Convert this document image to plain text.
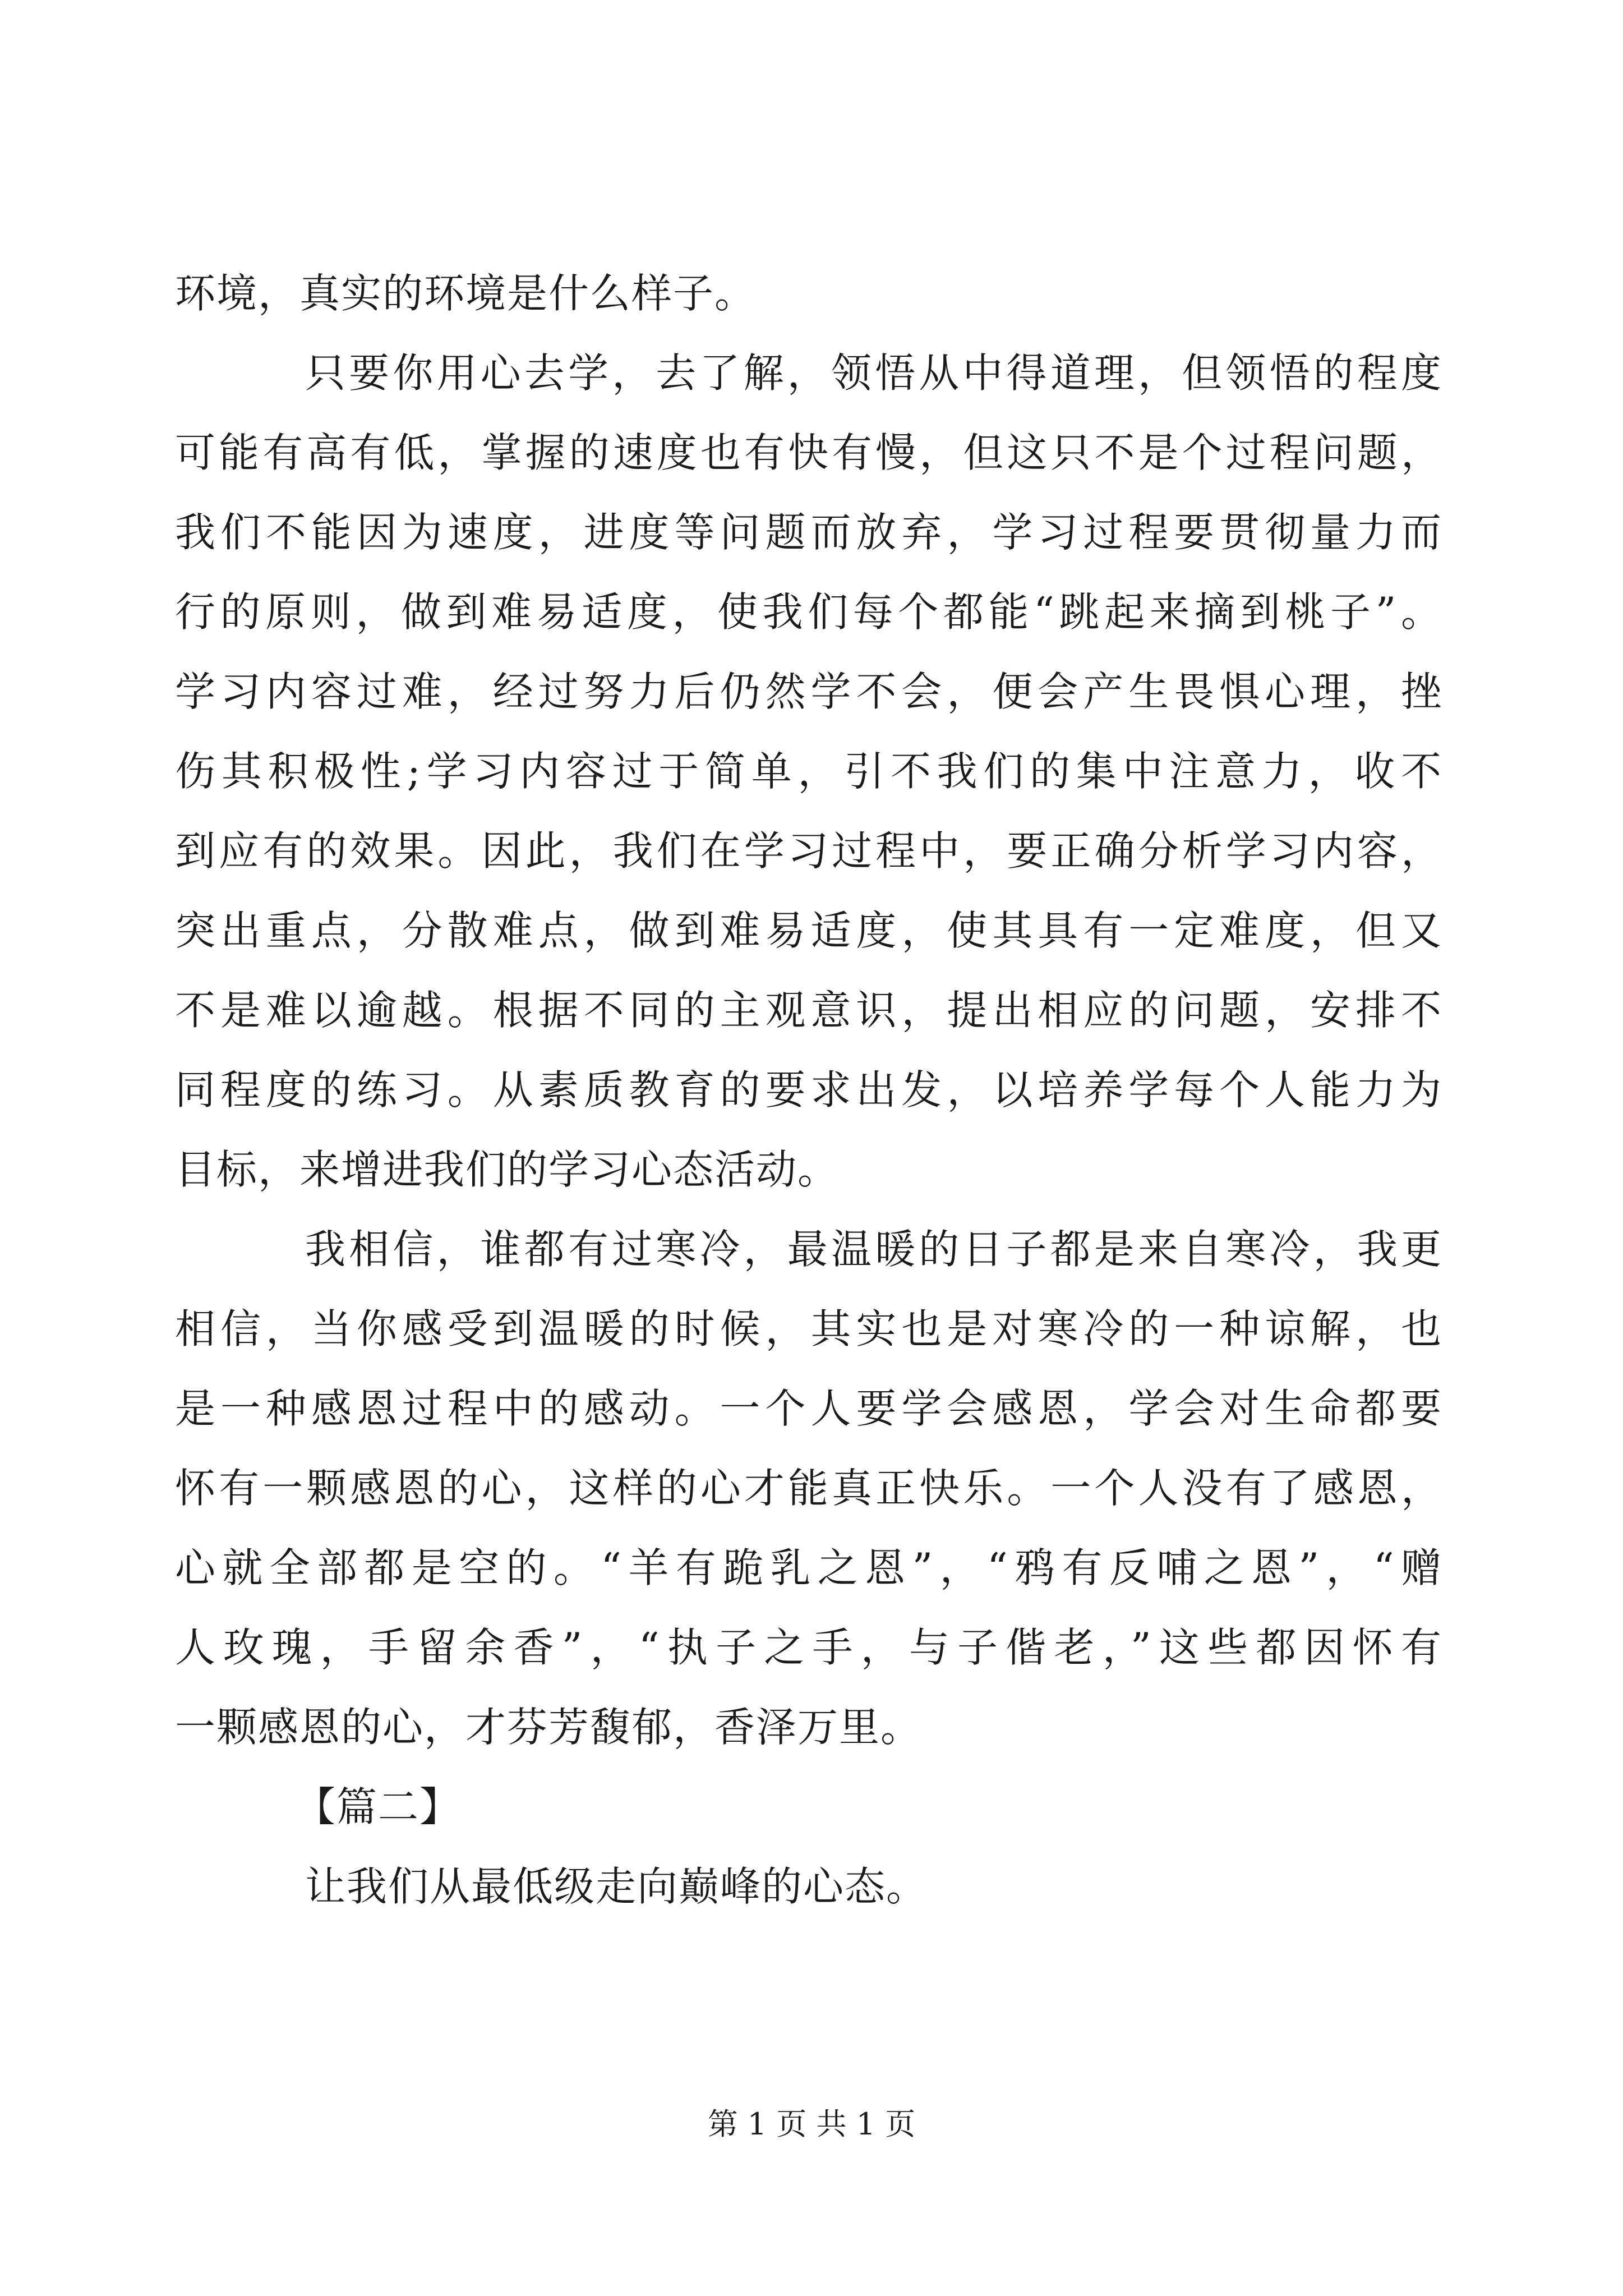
环境，真实的环境是什么样子。
只要你用心去学，去了解，领悟从中得道理，但领悟的程度
可能有高有低，掌握的速度也有快有慢，但这只不是个过程问题，
我们不能因为速度，进度等问题而放弃，学习过程要贯彻量力而
行的原则，做到难易适度，使我们每个都能“跳起来摘到桃子”。
学习内容过难，经过努力后仍然学不会，便会产生畏惧心理，挫
伤其积极性;学习内容过于简单，引不我们的集中注意力，收不
到应有的效果。因此，我们在学习过程中，要正确分析学习内容，
突出重点，分散难点，做到难易适度，使其具有一定难度，但又
不是难以逾越。根据不同的主观意识，提出相应的问题，安排不
同程度的练习。从素质教育的要求出发，以培养学每个人能力为
目标，来增进我们的学习心态活动。
我相信，谁都有过寒冷，最温暖的日子都是来自寒冷，我更
相信，当你感受到温暖的时候，其实也是对寒冷的一种谅解，也
是一种感恩过程中的感动。一个人要学会感恩，学会对生命都要
怀有一颗感恩的心，这样的心才能真正快乐。一个人没有了感恩，
心就全部都是空的。“羊有跪乳之恩”，“鸦有反哺之恩”，“赠
人玫瑰，手留余香”，“执子之手，与子偕老，”这些都因怀有
一颗感恩的心，才芬芳馥郁，香泽万里。
【篇二】
让我们从最低级走向巅峰的心态。
第 1 页 共 1 页
